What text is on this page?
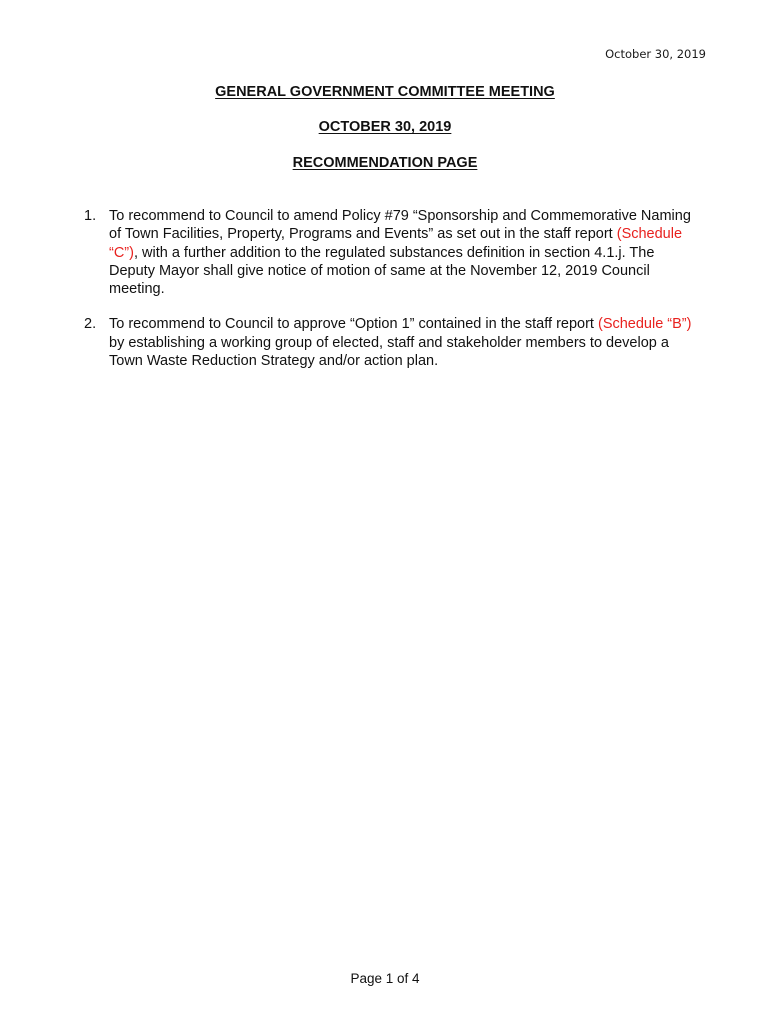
October 30, 2019
GENERAL GOVERNMENT COMMITTEE MEETING
OCTOBER 30, 2019
RECOMMENDATION PAGE
1. To recommend to Council to amend Policy #79 “Sponsorship and Commemorative Naming of Town Facilities, Property, Programs and Events” as set out in the staff report (Schedule “C”), with a further addition to the regulated substances definition in section 4.1.j. The Deputy Mayor shall give notice of motion of same at the November 12, 2019 Council meeting.
2. To recommend to Council to approve “Option 1” contained in the staff report (Schedule “B”) by establishing a working group of elected, staff and stakeholder members to develop a Town Waste Reduction Strategy and/or action plan.
Page 1 of 4
